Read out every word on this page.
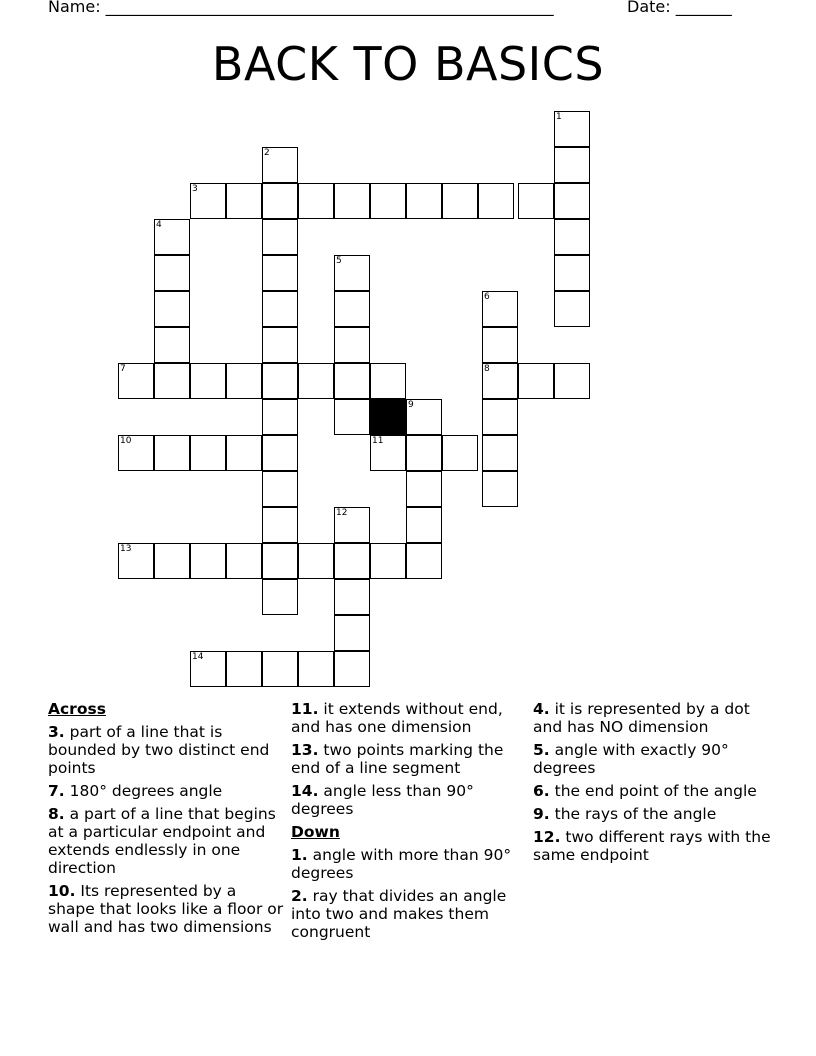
Name: ________________________________________________________	Date: _______
BACK TO BASICS
1
2
3
4
5
6
7	8
9
10	11
12
13
14
Across
3. part of a line that is bounded by two distinct end points
7. 180° degrees angle
8. a part of a line that begins at a particular endpoint and extends endlessly in one direction
10. Its represented by a shape that looks like a floor or wall and has two dimensions
11. it extends without end, and has one dimension
13. two points marking the end of a line segment
14. angle less than 90° degrees
Down
1. angle with more than 90° degrees
2. ray that divides an angle into two and makes them congruent
4. it is represented by a dot and has NO dimension
5. angle with exactly 90° degrees
6. the end point of the angle
9. the rays of the angle
12. two different rays with the same endpoint
